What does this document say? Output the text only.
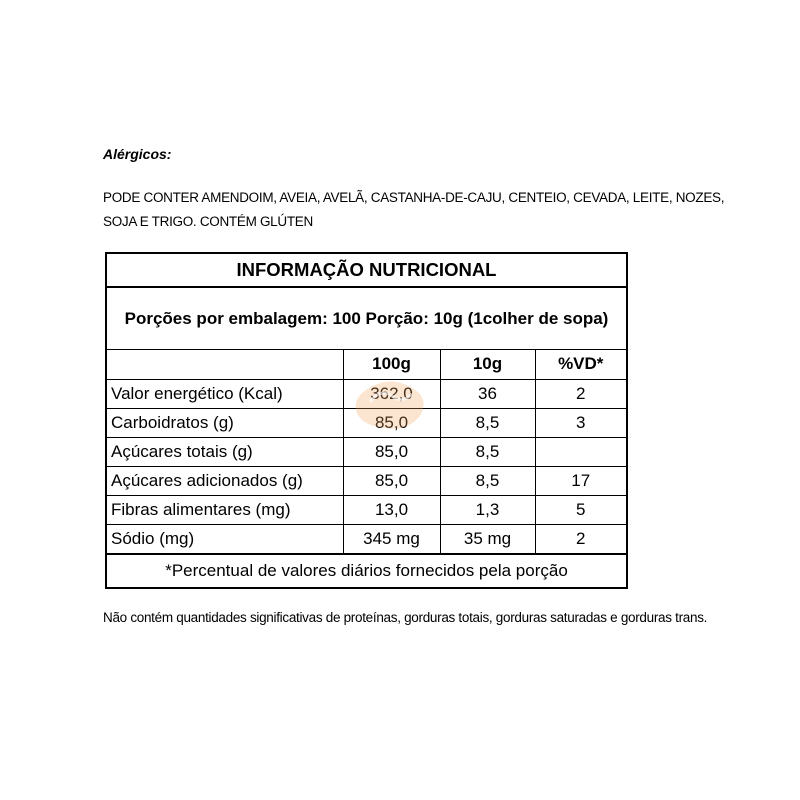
Alérgicos:

PODE CONTER AMENDOIM, AVEIA, AVELÃ, CASTANHA-DE-CAJU, CENTEIO, CEVADA, LEITE, NOZES, SOJA E TRIGO. CONTÉM GLÚTEN

INFORMAÇÃO NUTRICIONAL
Porções por embalagem: 100 Porção: 10g (1colher de sopa)
	100g	10g	%VD*
Valor energético (Kcal)	362,0	36	2
Carboidratos (g)	85,0	8,5	3
Açúcares totais (g)	85,0	8,5	
Açúcares adicionados (g)	85,0	8,5	17
Fibras alimentares (mg)	13,0	1,3	5
Sódio (mg)	345 mg	35 mg	2
*Percentual de valores diários fornecidos pela porção

Não contém quantidades significativas de proteínas, gorduras totais, gorduras saturadas e gorduras trans.
